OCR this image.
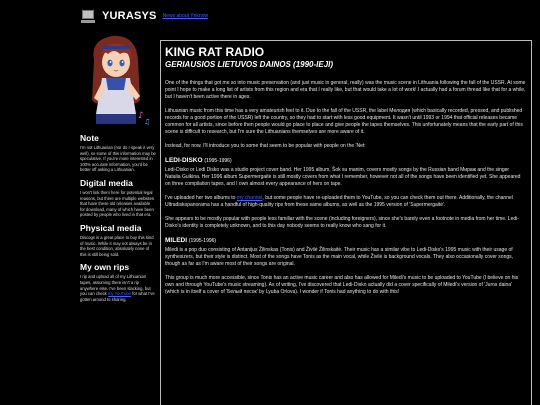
YURASYS News about Ynknow
♪
♫
Note
I'm not Lithuanian (nor do I speak it very well), so some of this information may be speculative. If you're more interested in 100% accurate information, you'd be better off asking a Lithuanian.
Digital media
I won't link them here for potential legal reasons, but there are multiple websites that have these old releases available for download, many of which have been posted by people who lived in that era.
Physical media
Discogs is a great place to buy this kind of music. While it may not always be in the best condition, absolutely none of this is still being sold.
My own rips
I rip and upload all of my Lithuanian tapes, assuming there isn't a rip anywhere else. I've been slacking, but you can check my YouTube for what I've gotten around to sharing.
KING RAT RADIO
GERIAUSIOS LIETUVOS DAINOS (1990-IEJI)

One of the things that got me so into music preservation (and just music in general, really) was the music scene in Lithuania following the fall of the USSR. At some point I hope to make a long list of artists from this region and era that I really like, but that would take a lot of work! I actually had a forum thread like that for a while, but I haven't been active there in ages.

Lithuanian music from this time has a very amateurish feel to it. Due to the fall of the USSR, the label Мелодия (which basically recorded, pressed, and published records for a good portion of the USSR) left the country, so they had to start with less good equipment. It wasn't until 1993 or 1994 that official releases became common for all artists, since before then people would go place to place and give people the tapes themselves. This unfortunately means that the early part of this scene is difficult to research, but I'm sure the Lithuanians themselves are more aware of it.

Instead, for now, I'll introduce you to some that seem to be popular with people on the 'Net:

LEDI-DISKO (1995-1996)

Ledi-Disko or Ledi Disko was a studio project cover band. Her 1995 album, Šok su manim, covers mostly songs by the Russian band Мираж and the singer Natalia Gulkina. Her 1996 album Supermergaitė is still mostly covers from what I remember, however not all of the songs have been identified yet. She appeared on three compilation tapes, and I own almost every appearance of hers on tape.

I've uploaded her two albums to my channel, but some people have re-uploaded them to YouTube, so you can check them out there. Additionally, the channel Ultradiskopanorama has a handful of high-quality rips from these same albums, as well as the 1995 version of 'Supermergaitė'.

She appears to be mostly popular with people less familiar with the scene (including foreigners), since she's barely even a footnote in media from her time. Ledi-Disko's identity is completely unknown, and to this day nobody seems to really know who sang for it.

MILEDI (1995-1996)

Miledi is a pop duo consisting of Antanijus Žilinskas (Tonis) and Živilė Žilinskaitė. Their music has a similar vibe to Ledi-Disko's 1995 music with their usage of synthesizers, but their style is distinct. Most of the songs have Tonis as the main vocal, while Živilė is background vocals. They also occasionally cover songs, though as far as I'm aware most of their songs are original.

This group is much more accessible, since Tonis has an active music career and also has allowed for Miledi's music to be uploaded to YouTube (I believe on his own and through YouTube's music streaming). As of writing, I've discovered that Ledi-Disko actually did a cover specifically of Miledi's version of 'Juros daina' (which is in itself a cover of 'Белый песок' by Lyuba Orlova). I wonder if Tonis had anything to do with this!
